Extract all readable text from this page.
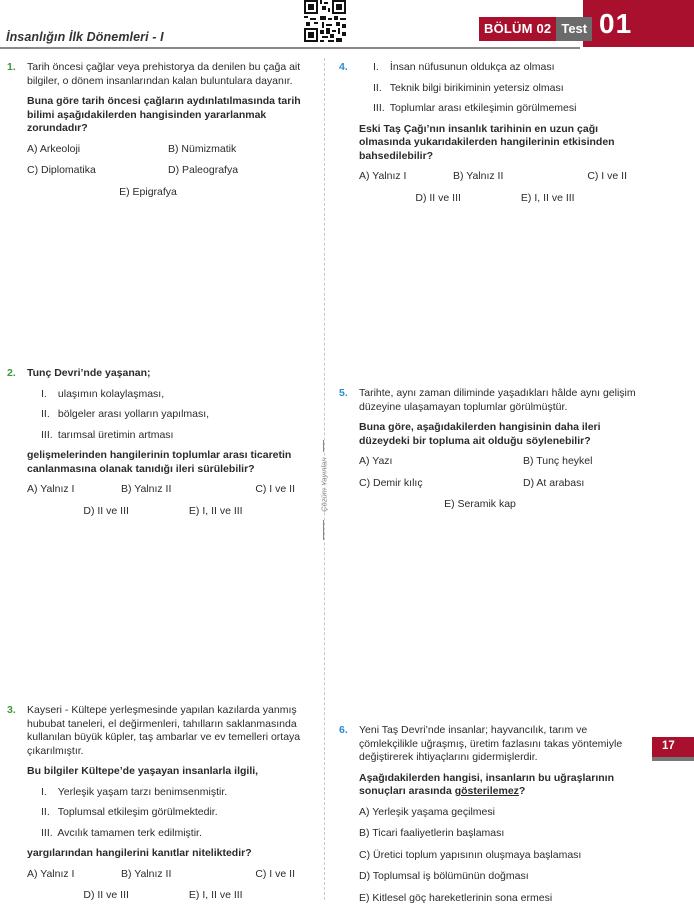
İnsanlığın İlk Dönemleri - I	01
BÖLÜM 02 Test
Çözüm Yayınları
1. Tarih öncesi çağlar veya prehistorya da denilen bu çağa ait bilgiler, o dönem insanlarından kalan buluntulara dayanır.

Buna göre tarih öncesi çağların aydınlatılmasında tarih bilimi aşağıdakilerden hangisinden yararlanmak zorundadır?

A) Arkeoloji	B) Nümizmatik
C) Diplomatika	D) Paleografya
E) Epigrafya
2. Tunç Devri’nde yaşanan;

I. ulaşımın kolaylaşması,
II. bölgeler arası yolların yapılması,
III. tarımsal üretimin artması

gelişmelerinden hangilerinin toplumlar arası ticaretin canlanmasına olanak tanıdığı ileri sürülebilir?

A) Yalnız I	B) Yalnız II	C) I ve II
D) II ve III	E) I, II ve III
3. Kayseri - Kültepe yerleşmesinde yapılan kazılarda yanmış hububat taneleri, el değirmenleri, tahılların saklanmasında kullanılan büyük küpler, taş ambarlar ve ev temelleri ortaya çıkarılmıştır.

Bu bilgiler Kültepe’de yaşayan insanlarla ilgili,

I. Yerleşik yaşam tarzı benimsenmiştir.
II. Toplumsal etkileşim görülmektedir.
III. Avcılık tamamen terk edilmiştir.

yargılarından hangilerini kanıtlar niteliktedir?

A) Yalnız I	B) Yalnız II	C) I ve II
D) II ve III	E) I, II ve III
4. I. İnsan nüfusunun oldukça az olması
II. Teknik bilgi birikiminin yetersiz olması
III. Toplumlar arası etkileşimin görülmemesi

Eski Taş Çağı’nın insanlık tarihinin en uzun çağı olmasında yukarıdakilerden hangilerinin etkisinden bahsedilebilir?

A) Yalnız I	B) Yalnız II	C) I ve II
D) II ve III	E) I, II ve III
5. Tarihte, aynı zaman diliminde yaşadıkları hâlde aynı gelişim düzeyine ulaşamayan toplumlar görülmüştür.

Buna göre, aşağıdakilerden hangisinin daha ileri düzeydeki bir topluma ait olduğu söylenebilir?

A) Yazı	B) Tunç heykel
C) Demir kılıç	D) At arabası
E) Seramik kap
6. Yeni Taş Devri’nde insanlar; hayvancılık, tarım ve çömlekçilikle uğraşmış, üretim fazlasını takas yöntemiyle değiştirerek ihtiyaçlarını gidermişlerdir.

Aşağıdakilerden hangisi, insanların bu uğraşlarının sonuçları arasında gösterilemez?

A) Yerleşik yaşama geçilmesi
B) Ticari faaliyetlerin başlaması
C) Üretici toplum yapısının oluşmaya başlaması
D) Toplumsal iş bölümünün doğması
E) Kitlesel göç hareketlerinin sona ermesi
17
